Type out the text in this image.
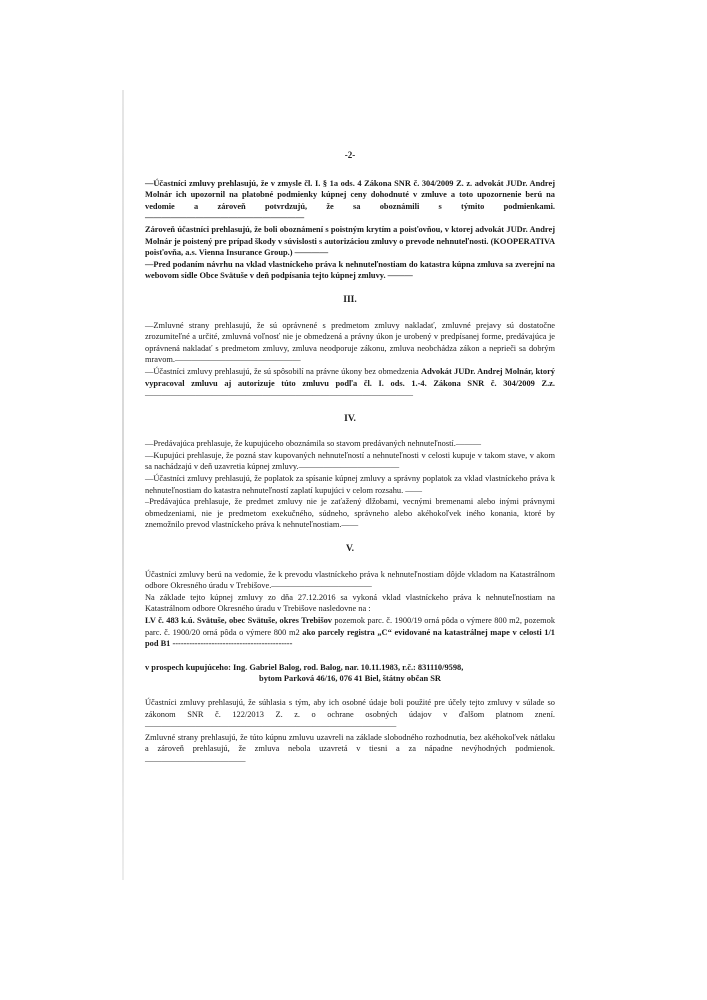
-2-

—Účastníci zmluvy prehlasujú, že v zmysle čl. I. § 1a ods. 4 Zákona SNR č. 304/2009 Z. z. advokát JUDr. Andrej Molnár ich upozornil na platobné podmienky kúpnej ceny dohodnuté v zmluve a toto upozornenie berú na vedomie a zároveň potvrdzujú, že sa oboznámili s týmito podmienkami.———————————————————

Zároveň účastníci prehlasujú, že boli oboznámení s poistným krytím a poisťovňou, v ktorej advokát JUDr. Andrej Molnár je poistený pre prípad škody v súvislosti s autorizáciou zmluvy o prevode nehnuteľnosti. (KOOPERATIVA poisťovňa, a.s. Vienna Insurance Group.) ————

—Pred podaním návrhu na vklad vlastníckeho práva k nehnuteľnostiam do katastra kúpna zmluva sa zverejní na webovom sídle Obce Svätuše v deň podpísania tejto kúpnej zmluvy. ———

III.

—Zmluvné strany prehlasujú, že sú oprávnené s predmetom zmluvy nakladať, zmluvné prejavy sú dostatočne zrozumiteľné a určité, zmluvná voľnosť nie je obmedzená a právny úkon je urobený v predpísanej forme, predávajúca je oprávnená nakladať s predmetom zmluvy, zmluva neodporuje zákonu, zmluva neobchádza zákon a neprieči sa dobrým mravom.———————————————

—Účastníci zmluvy prehlasujú, že sú spôsobilí na právne úkony bez obmedzenia Advokát JUDr. Andrej Molnár, ktorý vypracoval zmluvu aj autorizuje túto zmluvu podľa čl. I. ods. 1.-4. Zákona SNR č. 304/2009 Z.z.————————————————————————————————

IV.

—Predávajúca prehlasuje, že kupujúceho oboznámila so stavom predávaných nehnuteľností.———

—Kupujúci prehlasuje, že pozná stav kupovaných nehnuteľností a nehnuteľnosti v celosti kupuje v takom stave, v akom sa nachádzajú v deň uzavretia kúpnej zmluvy.————————————

—Účastníci zmluvy prehlasujú, že poplatok za spísanie kúpnej zmluvy a správny poplatok za vklad vlastníckeho práva k nehnuteľnostiam do katastra nehnuteľností zaplatí kupujúci v celom rozsahu. ——

–Predávajúca prehlasuje, že predmet zmluvy nie je zaťažený dlžobami, vecnými bremenami alebo inými právnymi obmedzeniami, nie je predmetom exekučného, súdneho, správneho alebo akéhokoľvek iného konania, ktoré by znemožnilo prevod vlastníckeho práva k nehnuteľnostiam.——

V.

Účastníci zmluvy berú na vedomie, že k prevodu vlastníckeho práva k nehnuteľnostiam dôjde vkladom na Katastrálnom odbore Okresného úradu v Trebišove.————————————

Na základe tejto kúpnej zmluvy zo dňa 27.12.2016 sa vykoná vklad vlastníckeho práva k nehnuteľnostiam na Katastrálnom odbore Okresného úradu v Trebišove nasledovne na :

LV č. 483 k.ú. Svätuše, obec Svätuše, okres Trebišov pozemok parc. č. 1900/19 orná pôda o výmere 800 m2, pozemok parc. č. 1900/20 orná pôda o výmere 800 m2 ako parcely registra „C“ evidované na katastrálnej mape v celosti 1/1 pod B1 -------------------------------------------

v prospech kupujúceho: Ing. Gabriel Balog, rod. Balog, nar. 10.11.1983, r.č.: 831110/9598,

bytom Parková 46/16, 076 41 Biel, štátny občan SR

Účastníci zmluvy prehlasujú, že súhlasia s tým, aby ich osobné údaje boli použité pre účely tejto zmluvy v súlade so zákonom SNR č. 122/2013 Z. z. o ochrane osobných údajov v ďalšom platnom znení. ——————————————————————————————

Zmluvné strany prehlasujú, že túto kúpnu zmluvu uzavreli na základe slobodného rozhodnutia, bez akéhokoľvek nátlaku a zároveň prehlasujú, že zmluva nebola uzavretá v tiesni a za nápadne nevýhodných podmienok.————————————
